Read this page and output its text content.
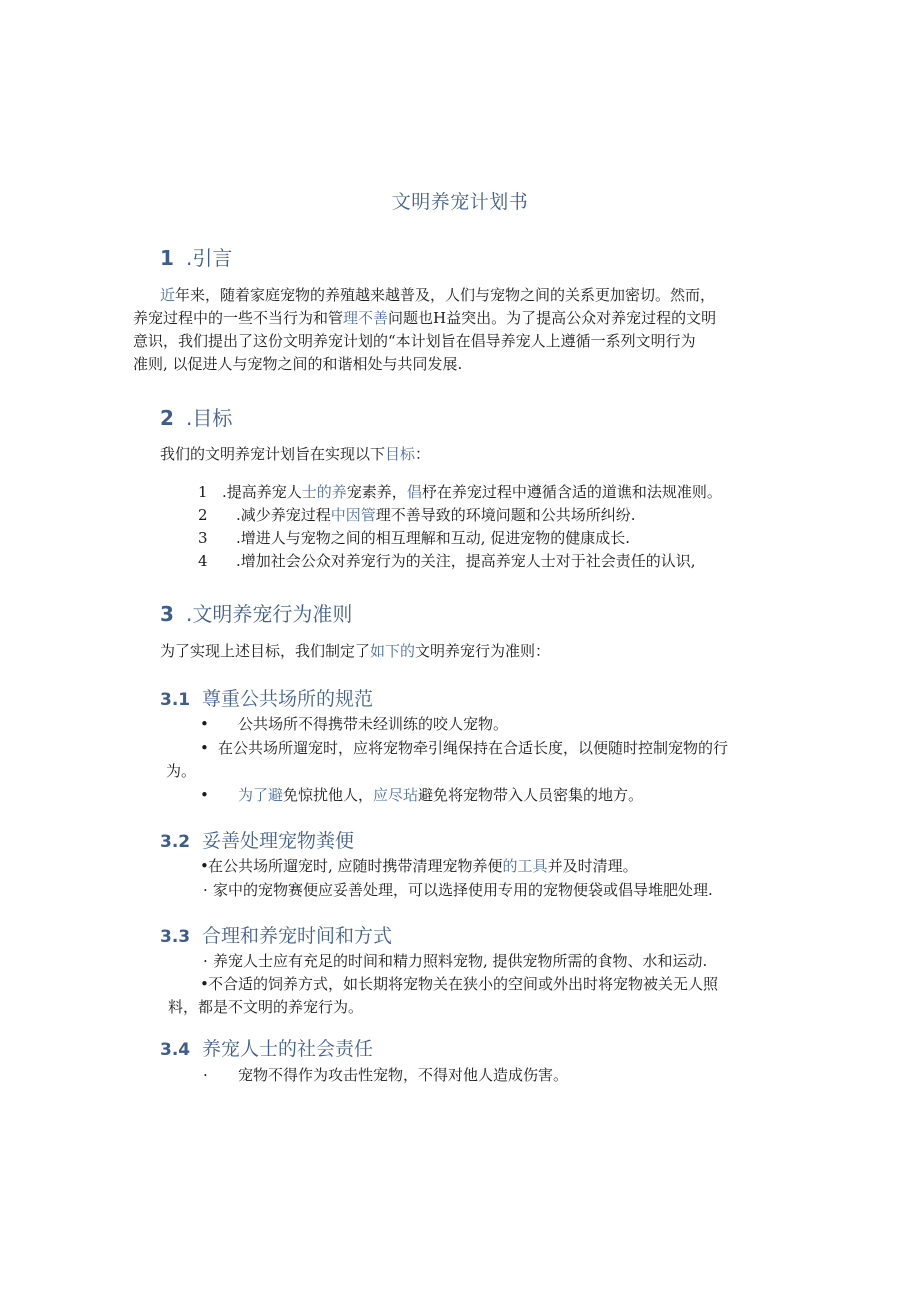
文明养宠计划书
1 .引言
近年来，随着家庭宠物的养殖越来越普及，人们与宠物之间的关系更加密切。然而，
养宠过程中的一些不当行为和管理不善问题也H益突出。为了提高公众对养宠过程的文明
意识，我们提出了这份文明养宠计划的“本计划旨在倡导养宠人上遵循一系列文明行为
准则, 以促进人与宠物之间的和谐相处与共同发展.
2 .目标
我们的文明养宠计划旨在实现以下目标：
1 .提高养宠人士的养宠素养，倡杼在养宠过程中遵循含适的道谯和法规准则。
2 .减少养宠过程中因管理不善导致的环境问题和公共场所纠纷.
3 .增进人与宠物之间的相互理解和互动, 促进宠物的健康成长.
4 .增加社会公众对养宠行为的关注，提高养宠人士对于社会责任的认识,
3 .文明养宠行为准则
为了实现上述目标，我们制定了如下的文明养宠行为准则：
3.1 尊重公共场所的规范
• 公共场所不得携带未经训练的咬人宠物。
• 在公共场所遛宠时，应将宠物牵引绳保持在合适长度，以便随时控制宠物的行
为。
• 为了避免惊扰他人，应尽玷避免将宠物带入人员密集的地方。
3.2 妥善处理宠物粪便
•在公共场所遛宠时, 应随时携带清理宠物养便的工具并及时清理。
· 家中的宠物赛便应妥善处理，可以选择使用专用的宠物便袋或倡导堆肥处理.
3.3 合理和养宠时间和方式
· 养宠人士应有充足的时间和精力照料宠物, 提供宠物所需的食物、水和运动.
•不合适的饲养方式，如长期将宠物关在狭小的空间或外出时将宠物被关无人照
料，都是不文明的养宠行为。
3.4 养宠人士的社会责任
· 宠物不得作为攻击性宠物，不得对他人造成伤害。
